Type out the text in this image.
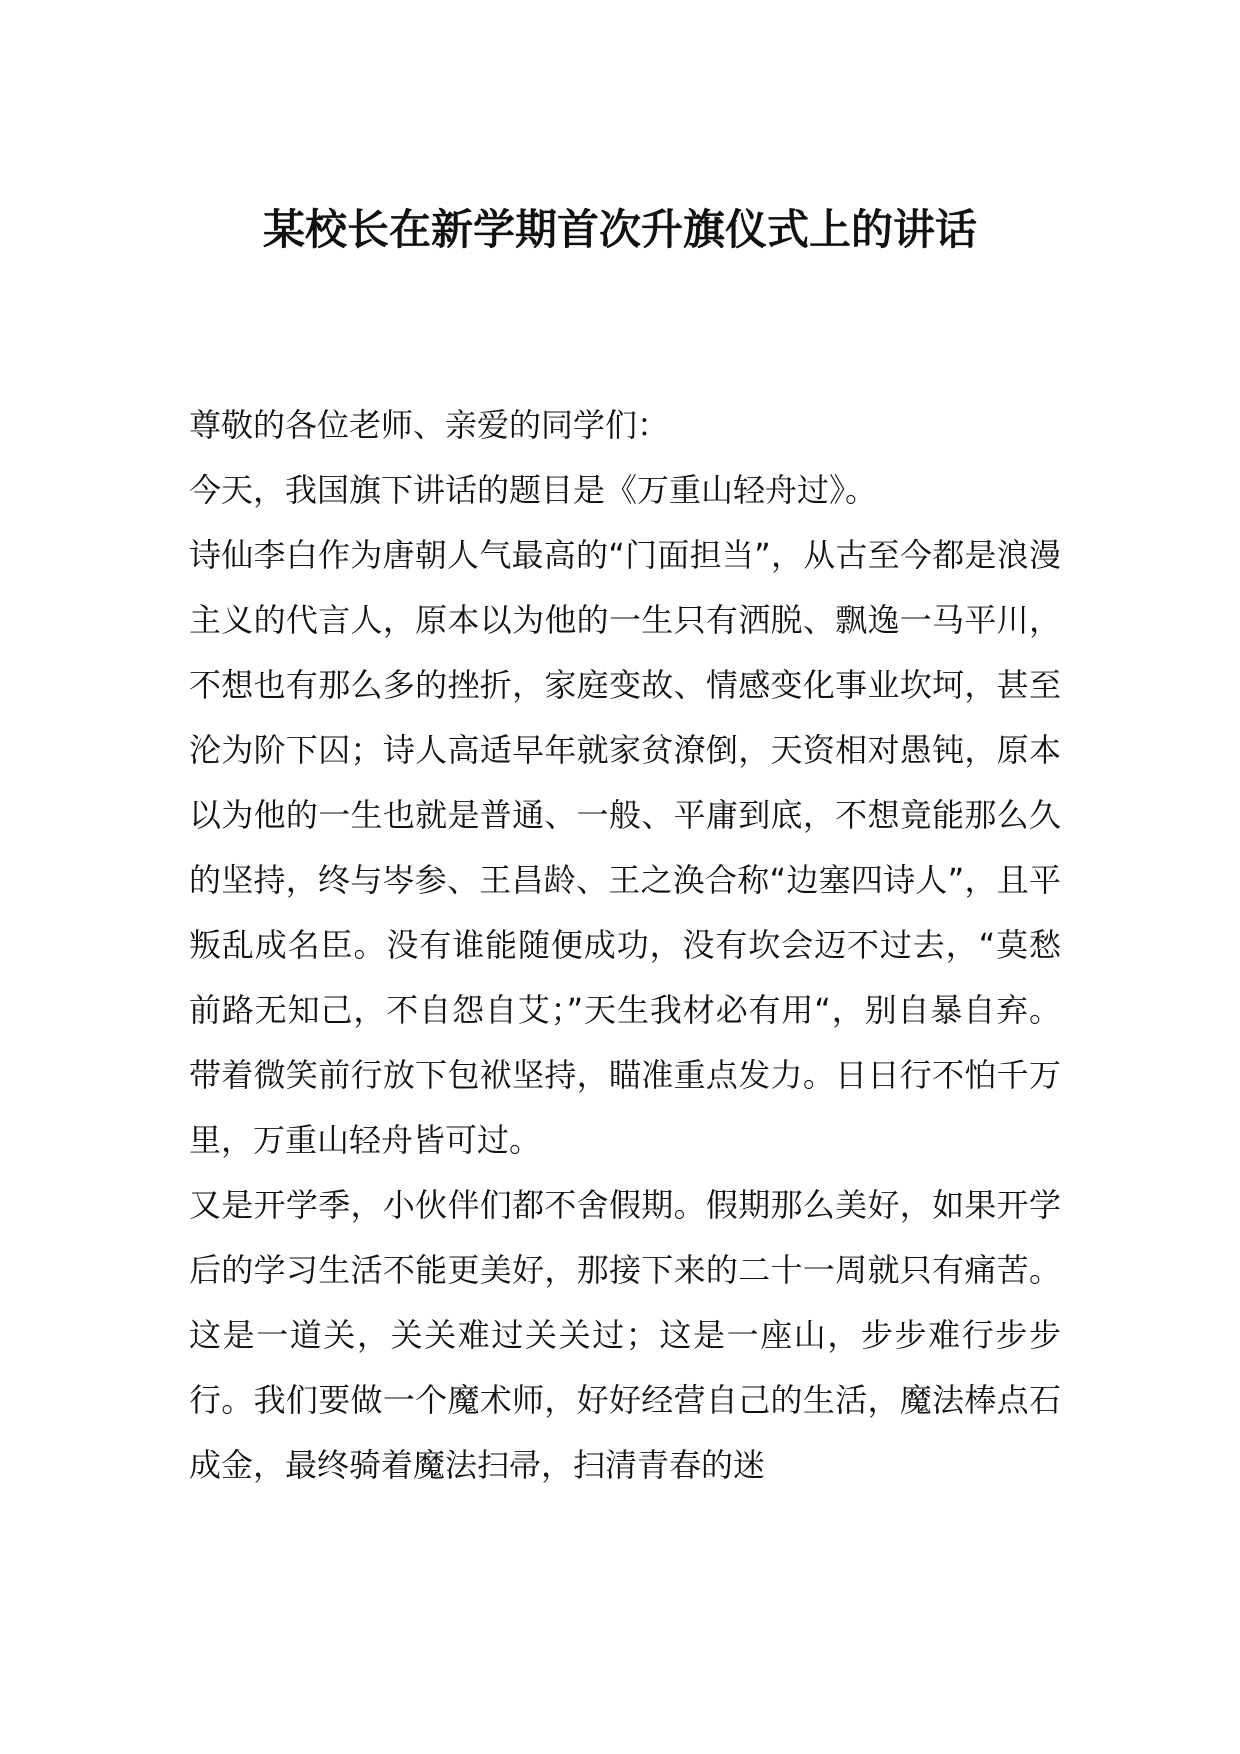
某校长在新学期首次升旗仪式上的讲话

尊敬的各位老师、亲爱的同学们：

今天，我国旗下讲话的题目是《万重山轻舟过》。

诗仙李白作为唐朝人气最高的“门面担当”，从古至今都是浪漫主义的代言人，原本以为他的一生只有洒脱、飘逸一马平川，不想也有那么多的挫折，家庭变故、情感变化事业坎坷，甚至沦为阶下囚；诗人高适早年就家贫潦倒，天资相对愚钝，原本以为他的一生也就是普通、一般、平庸到底，不想竟能那么久的坚持，终与岑参、王昌龄、王之涣合称“边塞四诗人”，且平叛乱成名臣。没有谁能随便成功，没有坎会迈不过去，“莫愁前路无知己，不自怨自艾；”天生我材必有用“，别自暴自弃。带着微笑前行放下包袱坚持，瞄准重点发力。日日行不怕千万里，万重山轻舟皆可过。

又是开学季，小伙伴们都不舍假期。假期那么美好，如果开学后的学习生活不能更美好，那接下来的二十一周就只有痛苦。这是一道关，关关难过关关过；这是一座山，步步难行步步行。我们要做一个魔术师，好好经营自己的生活，魔法棒点石成金，最终骑着魔法扫帚，扫清青春的迷
